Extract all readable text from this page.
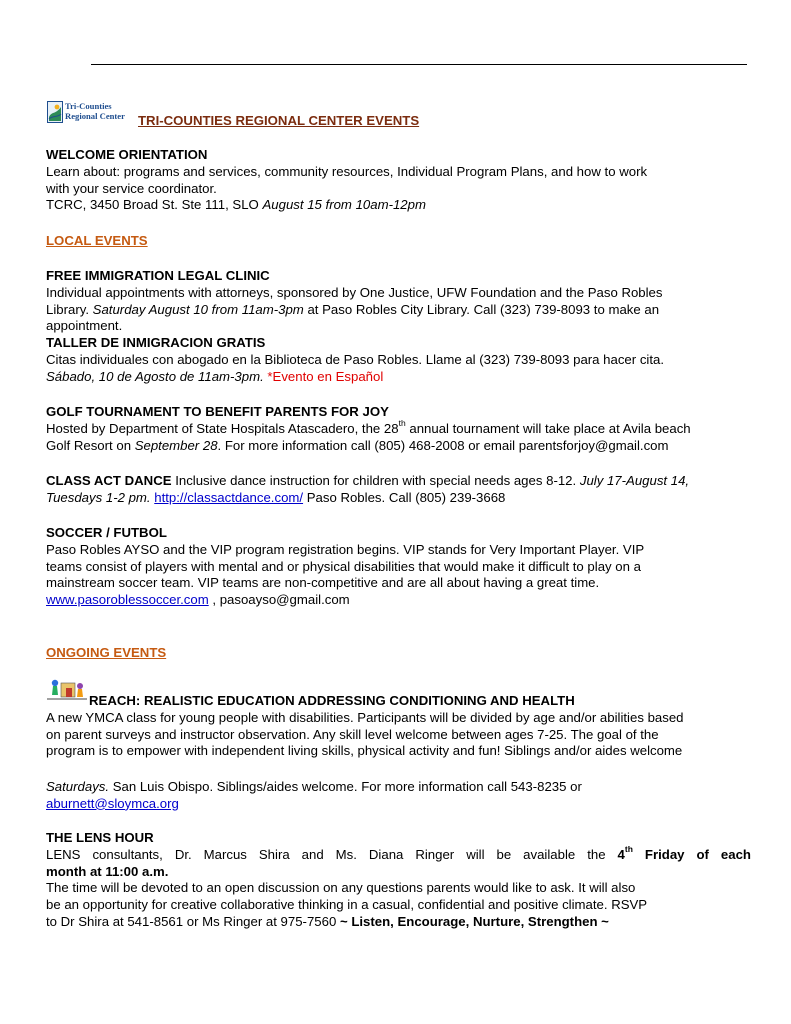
Tri-Counties
Regional Center TRI-COUNTIES REGIONAL CENTER EVENTS

WELCOME ORIENTATION

Learn about: programs and services, community resources, Individual Program Plans, and how to work

with your service coordinator.

TCRC, 3450 Broad St. Ste 111, SLO August 15 from 10am-12pm

LOCAL EVENTS

FREE IMMIGRATION LEGAL CLINIC

Individual appointments with attorneys, sponsored by One Justice, UFW Foundation and the Paso Robles

Library. Saturday August 10 from 11am-3pm at Paso Robles City Library. Call (323) 739-8093 to make an

appointment.

TALLER DE INMIGRACION GRATIS

Citas individuales con abogado en la Biblioteca de Paso Robles. Llame al (323) 739-8093 para hacer cita.

Sábado, 10 de Agosto de 11am-3pm. *Evento en Español

GOLF TOURNAMENT TO BENEFIT PARENTS FOR JOY

Hosted by Department of State Hospitals Atascadero, the 28th annual tournament will take place at Avila beach

Golf Resort on September 28. For more information call (805) 468-2008 or email parentsforjoy@gmail.com

CLASS ACT DANCE Inclusive dance instruction for children with special needs ages 8-12. July 17-August 14,

Tuesdays 1-2 pm. http://classactdance.com/ Paso Robles. Call (805) 239-3668

SOCCER / FUTBOL

Paso Robles AYSO and the VIP program registration begins. VIP stands for Very Important Player. VIP

teams consist of players with mental and or physical disabilities that would make it difficult to play on a

mainstream soccer team. VIP teams are non-competitive and are all about having a great time.

www.pasoroblessoccer.com , pasoayso@gmail.com

ONGOING EVENTS

REACH: REALISTIC EDUCATION ADDRESSING CONDITIONING AND HEALTH

A new YMCA class for young people with disabilities. Participants will be divided by age and/or abilities based

on parent surveys and instructor observation. Any skill level welcome between ages 7-25. The goal of the

program is to empower with independent living skills, physical activity and fun! Siblings and/or aides welcome

Saturdays. San Luis Obispo. Siblings/aides welcome. For more information call 543-8235 or

aburnett@sloymca.org

THE LENS HOUR

LENS consultants, Dr. Marcus Shira and Ms. Diana Ringer will be available the 4th Friday of each

month at 11:00 a.m.

The time will be devoted to an open discussion on any questions parents would like to ask. It will also

be an opportunity for creative collaborative thinking in a casual, confidential and positive climate. RSVP

to Dr Shira at 541-8561 or Ms Ringer at 975-7560 ~ Listen, Encourage, Nurture, Strengthen ~
